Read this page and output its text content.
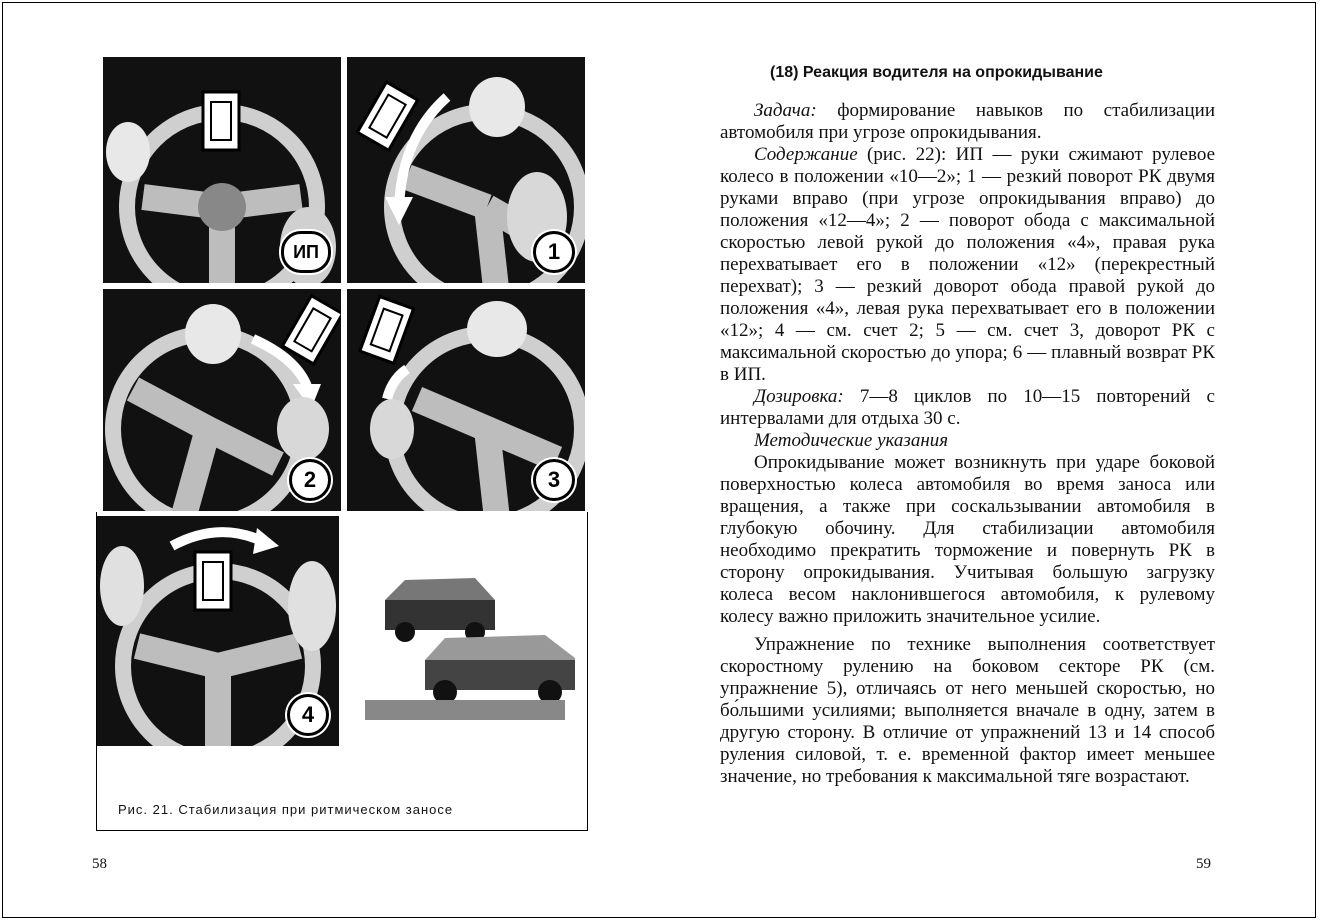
ИП	1
2	3
4
Рис. 21. Стабилизация при ритмическом заносе
58
(18) Реакция водителя на опрокидывание

Задача: формирование навыков по стабилизации автомобиля при угрозе опрокидывания.

Содержание (рис. 22): ИП — руки сжимают рулевое колесо в положении «10—2»; 1 — резкий поворот РК двумя руками вправо (при угрозе опрокидывания вправо) до положения «12—4»; 2 — поворот обода с максимальной скоростью левой рукой до положения «4», правая рука перехватывает его в положении «12» (перекрестный перехват); 3 — резкий доворот обода правой рукой до положения «4», левая рука перехватывает его в положении «12»; 4 — см. счет 2; 5 — см. счет 3, доворот РК с максимальной скоростью до упора; 6 — плавный возврат РК в ИП.

Дозировка: 7—8 циклов по 10—15 повторений с интервалами для отдыха 30 с.

Методические указания

Опрокидывание может возникнуть при ударе боковой поверхностью колеса автомобиля во время заноса или вращения, а также при соскальзывании автомобиля в глубокую обочину. Для стабилизации автомобиля необходимо прекратить торможение и повернуть РК в сторону опрокидывания. Учитывая большую загрузку колеса весом наклонившегося автомобиля, к рулевому колесу важно приложить значительное усилие.

Упражнение по технике выполнения соответствует скоростному рулению на боковом секторе РК (см. упражнение 5), отличаясь от него меньшей скоростью, но бо́льшими усилиями; выполняется вначале в одну, затем в другую сторону. В отличие от упражнений 13 и 14 способ руления силовой, т. е. временной фактор имеет меньшее значение, но требования к максимальной тяге возрастают.

59
